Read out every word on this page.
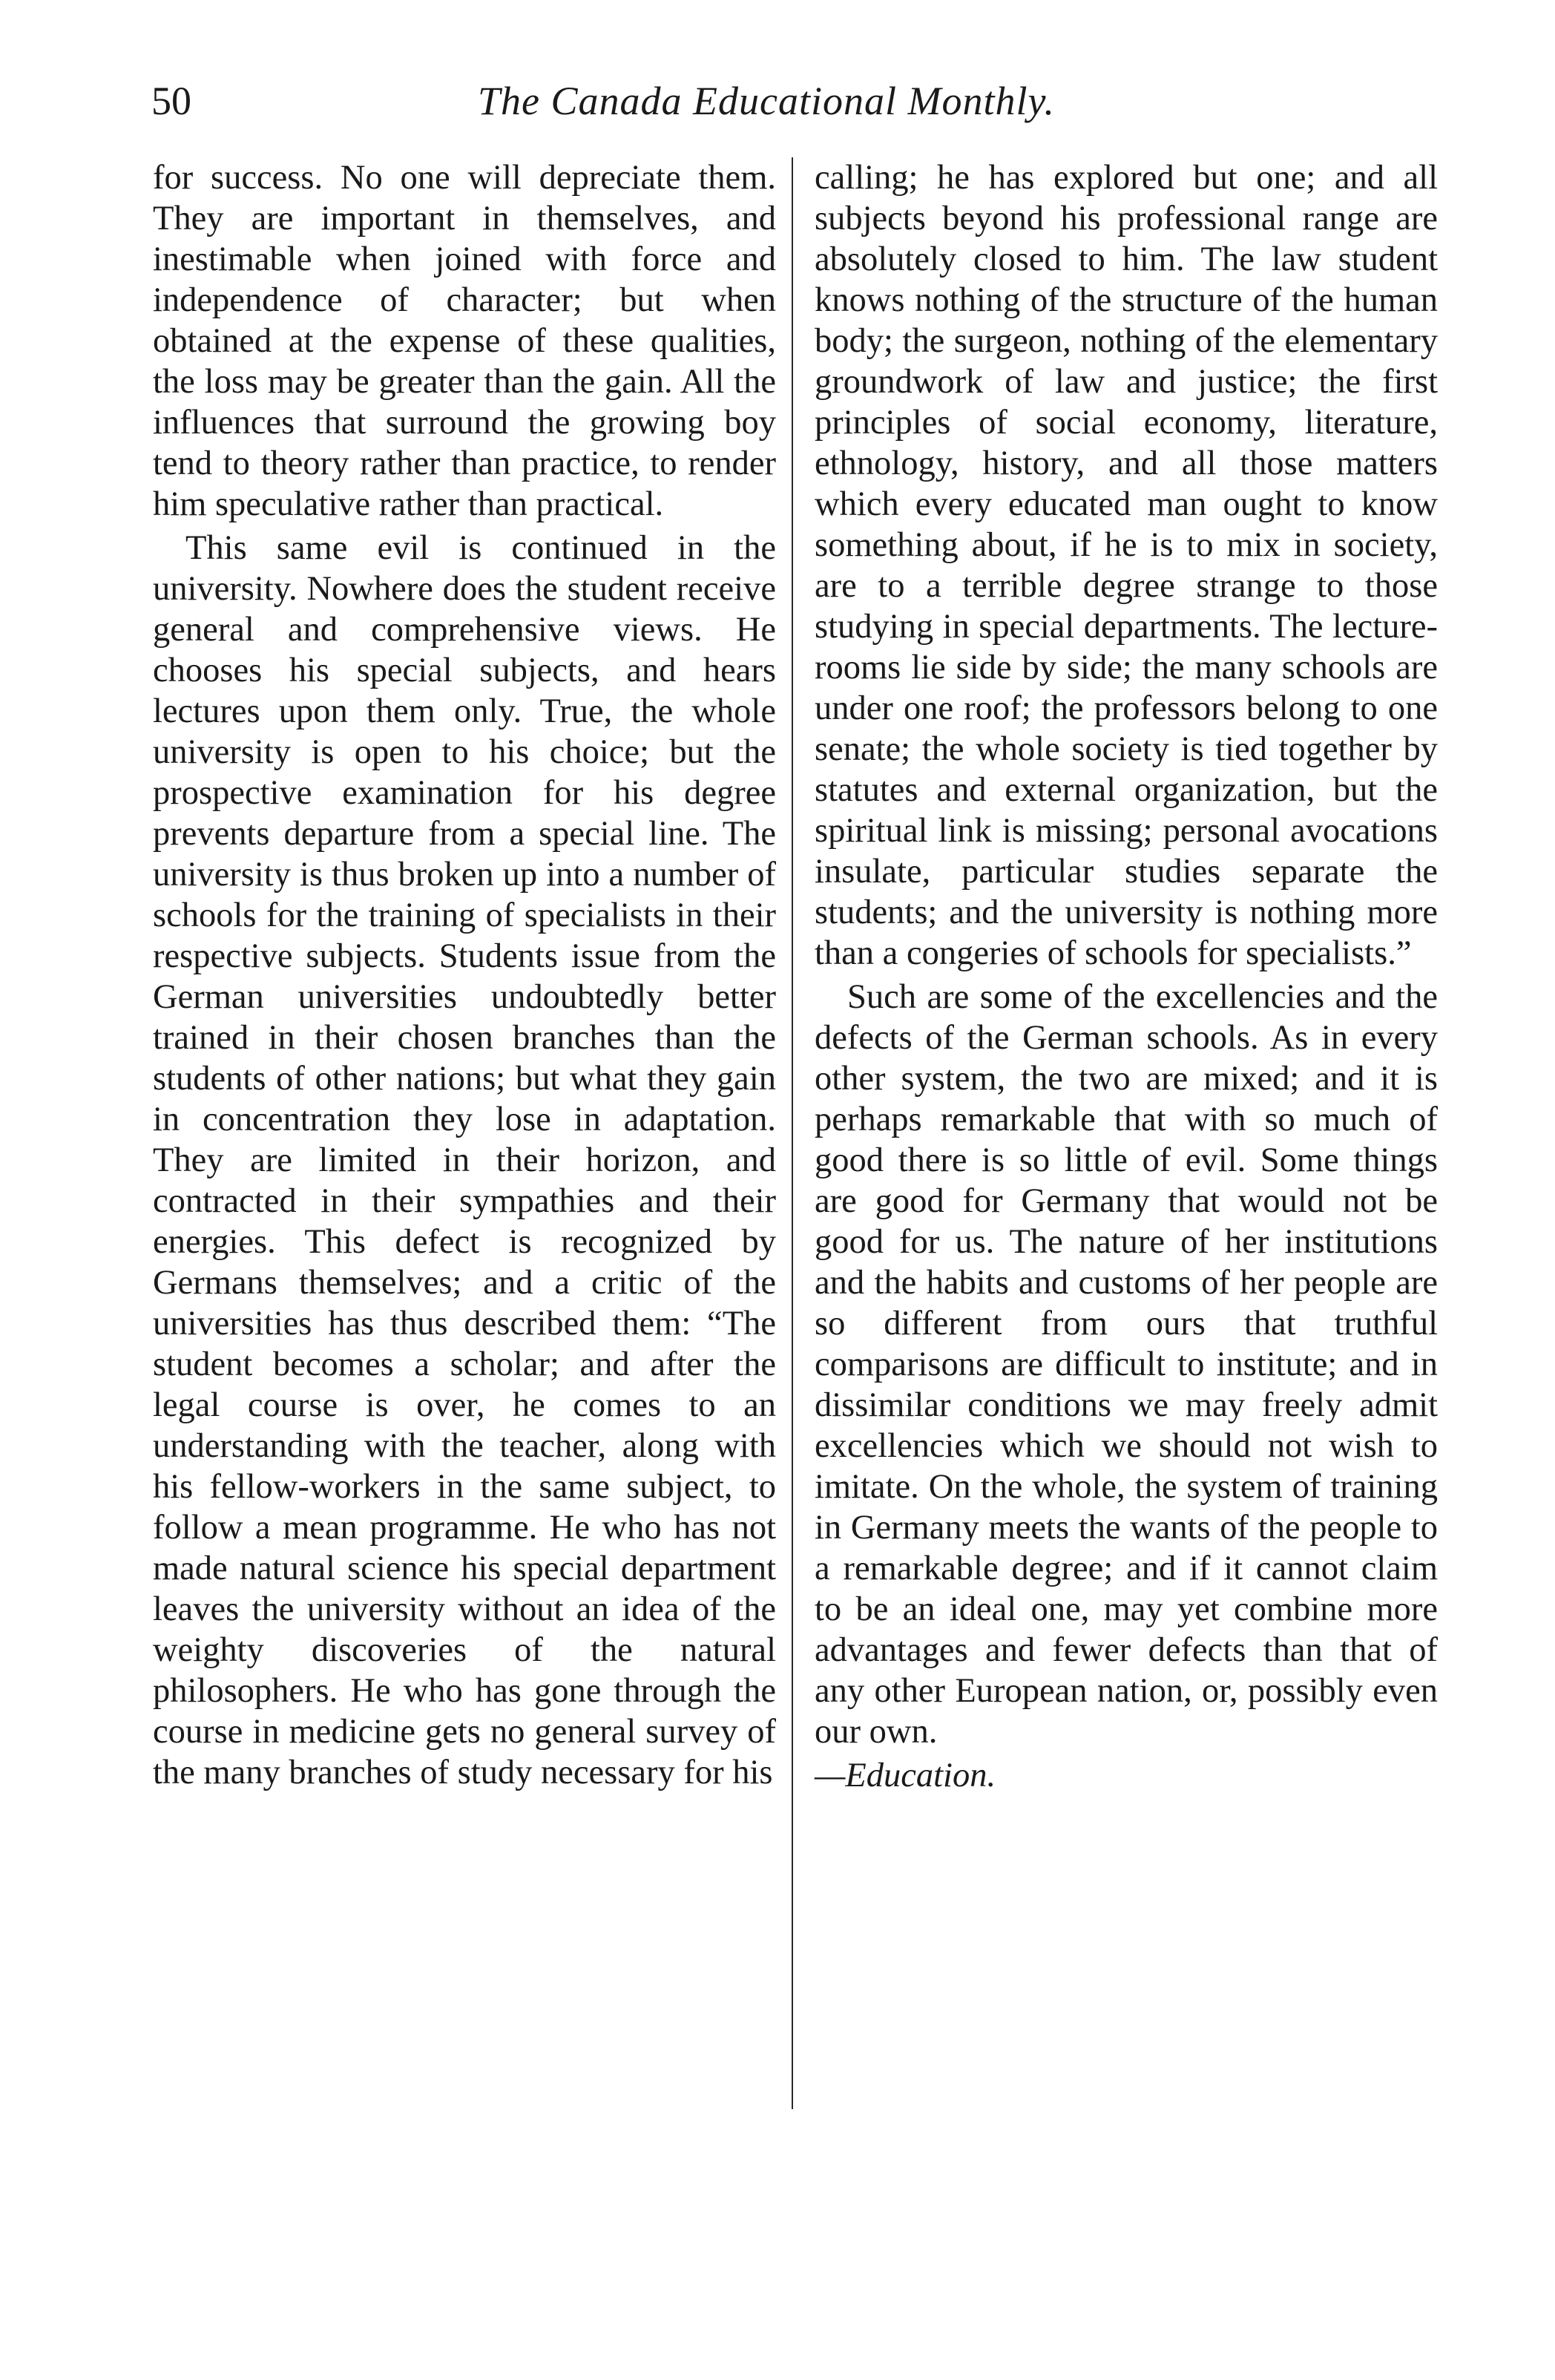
50	The Canada Educational Monthly.

for success. No one will depreciate them. They are important in themselves, and inestimable when joined with force and independence of character; but when obtained at the expense of these qualities, the loss may be greater than the gain. All the influences that surround the growing boy tend to theory rather than practice, to render him speculative rather than practical.

This same evil is continued in the university. Nowhere does the student receive general and comprehensive views. He chooses his special subjects, and hears lectures upon them only. True, the whole university is open to his choice; but the prospective examination for his degree prevents departure from a special line. The university is thus broken up into a number of schools for the training of specialists in their respective subjects. Students issue from the German universities undoubtedly better trained in their chosen branches than the students of other nations; but what they gain in concentration they lose in adaptation. They are limited in their horizon, and contracted in their sympathies and their energies. This defect is recognized by Germans themselves; and a critic of the universities has thus described them: “The student becomes a scholar; and after the legal course is over, he comes to an understanding with the teacher, along with his fellow-workers in the same subject, to follow a mean programme. He who has not made natural science his special department leaves the university without an idea of the weighty discoveries of the natural philosophers. He who has gone through the course in medicine gets no general survey of the many branches of study necessary for his

calling; he has explored but one; and all subjects beyond his professional range are absolutely closed to him. The law student knows nothing of the structure of the human body; the surgeon, nothing of the elementary groundwork of law and justice; the first principles of social economy, literature, ethnology, history, and all those matters which every educated man ought to know something about, if he is to mix in society, are to a terrible degree strange to those studying in special departments. The lecture-rooms lie side by side; the many schools are under one roof; the professors belong to one senate; the whole society is tied together by statutes and external organization, but the spiritual link is missing; personal avocations insulate, particular studies separate the students; and the university is nothing more than a congeries of schools for specialists.”

Such are some of the excellencies and the defects of the German schools. As in every other system, the two are mixed; and it is perhaps remarkable that with so much of good there is so little of evil. Some things are good for Germany that would not be good for us. The nature of her institutions and the habits and customs of her people are so different from ours that truthful comparisons are difficult to institute; and in dissimilar conditions we may freely admit excellencies which we should not wish to imitate. On the whole, the system of training in Germany meets the wants of the people to a remarkable degree; and if it cannot claim to be an ideal one, may yet combine more advantages and fewer defects than that of any other European nation, or, possibly even our own.

—Education.
